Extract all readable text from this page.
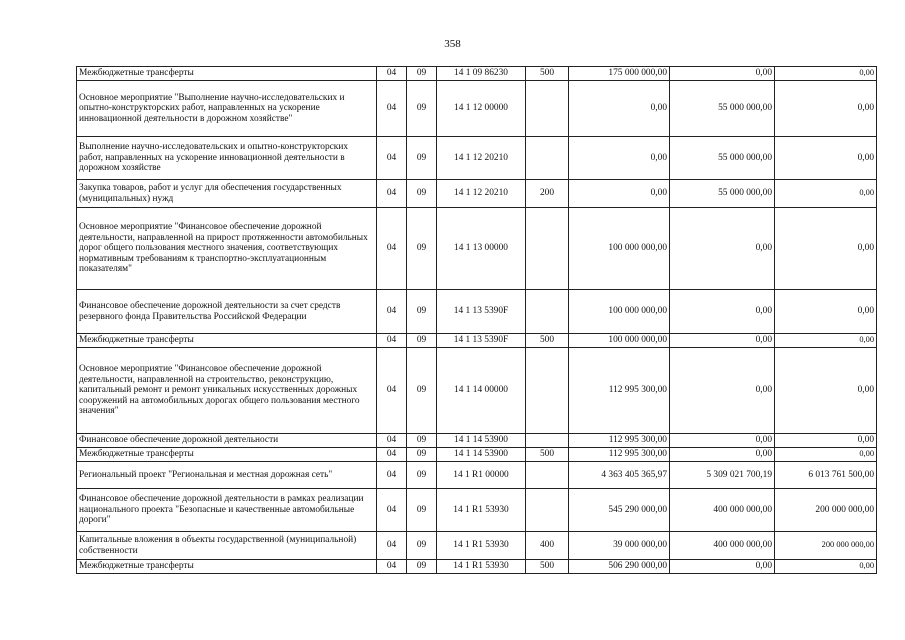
358
Межбюджетные трансферты	04	09	14 1 09 86230	500	175 000 000,00	0,00	0,00
Основное мероприятие "Выполнение научно-исследовательских и опытно-конструкторских работ, направленных на ускорение инновационной деятельности в дорожном хозяйстве"	04	09	14 1 12 00000		0,00	55 000 000,00	0,00
Выполнение научно-исследовательских и опытно-конструкторских работ, направленных на ускорение инновационной деятельности в дорожном хозяйстве	04	09	14 1 12 20210		0,00	55 000 000,00	0,00
Закупка товаров, работ и услуг для обеспечения государственных (муниципальных) нужд	04	09	14 1 12 20210	200	0,00	55 000 000,00	0,00
Основное мероприятие "Финансовое обеспечение дорожной деятельности, направленной на прирост протяженности автомобильных дорог общего пользования местного значения, соответствующих нормативным требованиям к транспортно-эксплуатационным показателям"	04	09	14 1 13 00000		100 000 000,00	0,00	0,00
Финансовое обеспечение дорожной деятельности за счет средств резервного фонда Правительства Российской Федерации	04	09	14 1 13 5390F		100 000 000,00	0,00	0,00
Межбюджетные трансферты	04	09	14 1 13 5390F	500	100 000 000,00	0,00	0,00
Основное мероприятие "Финансовое обеспечение дорожной деятельности, направленной на строительство, реконструкцию, капитальный ремонт и ремонт уникальных искусственных дорожных сооружений на автомобильных дорогах общего пользования местного значения"	04	09	14 1 14 00000		112 995 300,00	0,00	0,00
Финансовое обеспечение дорожной деятельности	04	09	14 1 14 53900		112 995 300,00	0,00	0,00
Межбюджетные трансферты	04	09	14 1 14 53900	500	112 995 300,00	0,00	0,00
Региональный проект "Региональная и местная дорожная сеть"	04	09	14 1 R1 00000		4 363 405 365,97	5 309 021 700,19	6 013 761 500,00
Финансовое обеспечение дорожной деятельности в рамках реализации национального проекта "Безопасные и качественные автомобильные дороги"	04	09	14 1 R1 53930		545 290 000,00	400 000 000,00	200 000 000,00
Капитальные вложения в объекты государственной (муниципальной) собственности	04	09	14 1 R1 53930	400	39 000 000,00	400 000 000,00	200 000 000,00
Межбюджетные трансферты	04	09	14 1 R1 53930	500	506 290 000,00	0,00	0,00
